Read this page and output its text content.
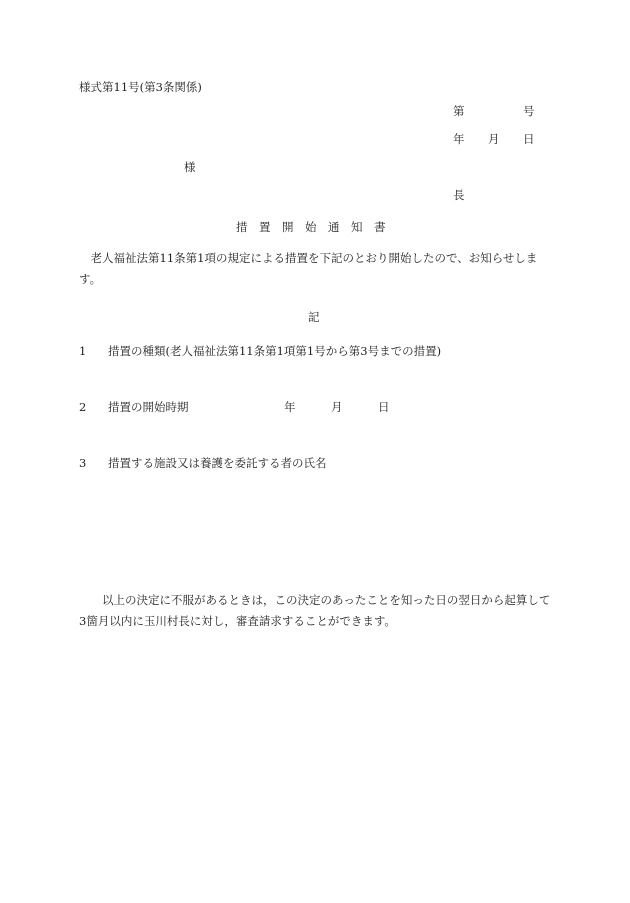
様式第11号(第3条関係)
第	号
年 月 日
様
長
措　置　開　始　通　知　書
　老人福祉法第11条第1項の規定による措置を下記のとおり開始したので、お知らせします。
記
1 措置の種類(老人福祉法第11条第1項第1号から第3号までの措置)
2 措置の開始時期	年	月	日
3 措置する施設又は養護を委託する者の氏名
　　以上の決定に不服があるときは，この決定のあったことを知った日の翌日から起算して3箇月以内に玉川村長に対し，審査請求することができます。
